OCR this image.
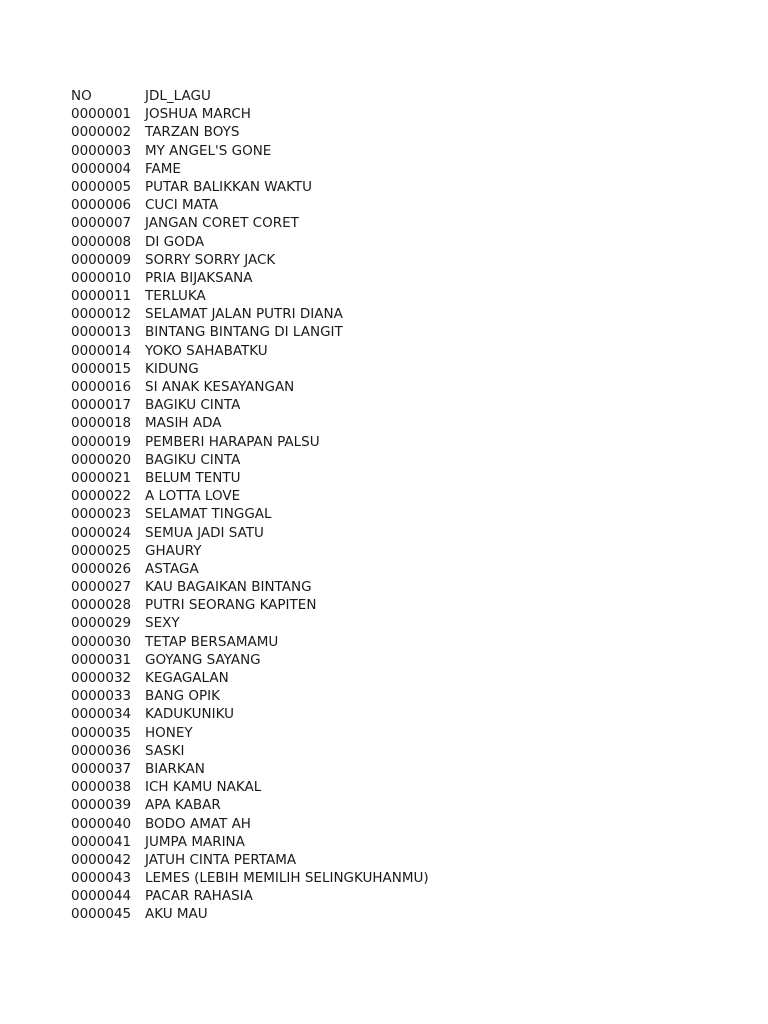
NO	JDL_LAGU
0000001	JOSHUA MARCH
0000002	TARZAN BOYS
0000003	MY ANGEL'S GONE
0000004	FAME
0000005	PUTAR BALIKKAN WAKTU
0000006	CUCI MATA
0000007	JANGAN CORET CORET
0000008	DI GODA
0000009	SORRY SORRY JACK
0000010	PRIA BIJAKSANA
0000011	TERLUKA
0000012	SELAMAT JALAN PUTRI DIANA
0000013	BINTANG BINTANG DI LANGIT
0000014	YOKO SAHABATKU
0000015	KIDUNG
0000016	SI ANAK KESAYANGAN
0000017	BAGIKU CINTA
0000018	MASIH ADA
0000019	PEMBERI HARAPAN PALSU
0000020	BAGIKU CINTA
0000021	BELUM TENTU
0000022	A LOTTA LOVE
0000023	SELAMAT TINGGAL
0000024	SEMUA JADI SATU
0000025	GHAURY
0000026	ASTAGA
0000027	KAU BAGAIKAN BINTANG
0000028	PUTRI SEORANG KAPITEN
0000029	SEXY
0000030	TETAP BERSAMAMU
0000031	GOYANG SAYANG
0000032	KEGAGALAN
0000033	BANG OPIK
0000034	KADUKUNIKU
0000035	HONEY
0000036	SASKI
0000037	BIARKAN
0000038	ICH KAMU NAKAL
0000039	APA KABAR
0000040	BODO AMAT AH
0000041	JUMPA MARINA
0000042	JATUH CINTA PERTAMA
0000043	LEMES (LEBIH MEMILIH SELINGKUHANMU)
0000044	PACAR RAHASIA
0000045	AKU MAU
